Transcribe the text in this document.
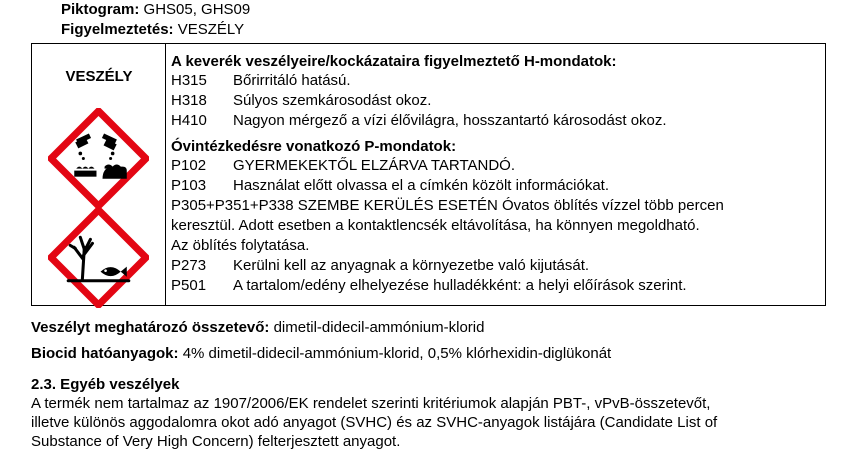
Piktogram: GHS05, GHS09
Figyelmeztetés: VESZÉLY
VESZÉLY
A keverék veszélyeire/kockázataira figyelmeztető H-mondatok:
H315 Bőrirritáló hatású.
H318 Súlyos szemkárosodást okoz.
H410 Nagyon mérgező a vízi élővilágra, hosszantartó károsodást okoz.
Óvintézkedésre vonatkozó P-mondatok:
P102 GYERMEKEKTŐL ELZÁRVA TARTANDÓ.
P103 Használat előtt olvassa el a címkén közölt információkat.
P305+P351+P338 SZEMBE KERÜLÉS ESETÉN Óvatos öblítés vízzel több percen
keresztül. Adott esetben a kontaktlencsék eltávolítása, ha könnyen megoldható.
Az öblítés folytatása.
P273 Kerülni kell az anyagnak a környezetbe való kijutását.
P501 A tartalom/edény elhelyezése hulladékként: a helyi előírások szerint.
Veszélyt meghatározó összetevő: dimetil-didecil-ammónium-klorid
Biocid hatóanyagok: 4% dimetil-didecil-ammónium-klorid, 0,5% klórhexidin-diglükonát
2.3. Egyéb veszélyek
A termék nem tartalmaz az 1907/2006/EK rendelet szerinti kritériumok alapján PBT-, vPvB-összetevőt,
illetve különös aggodalomra okot adó anyagot (SVHC) és az SVHC-anyagok listájára (Candidate List of
Substance of Very High Concern) felterjesztett anyagot.
